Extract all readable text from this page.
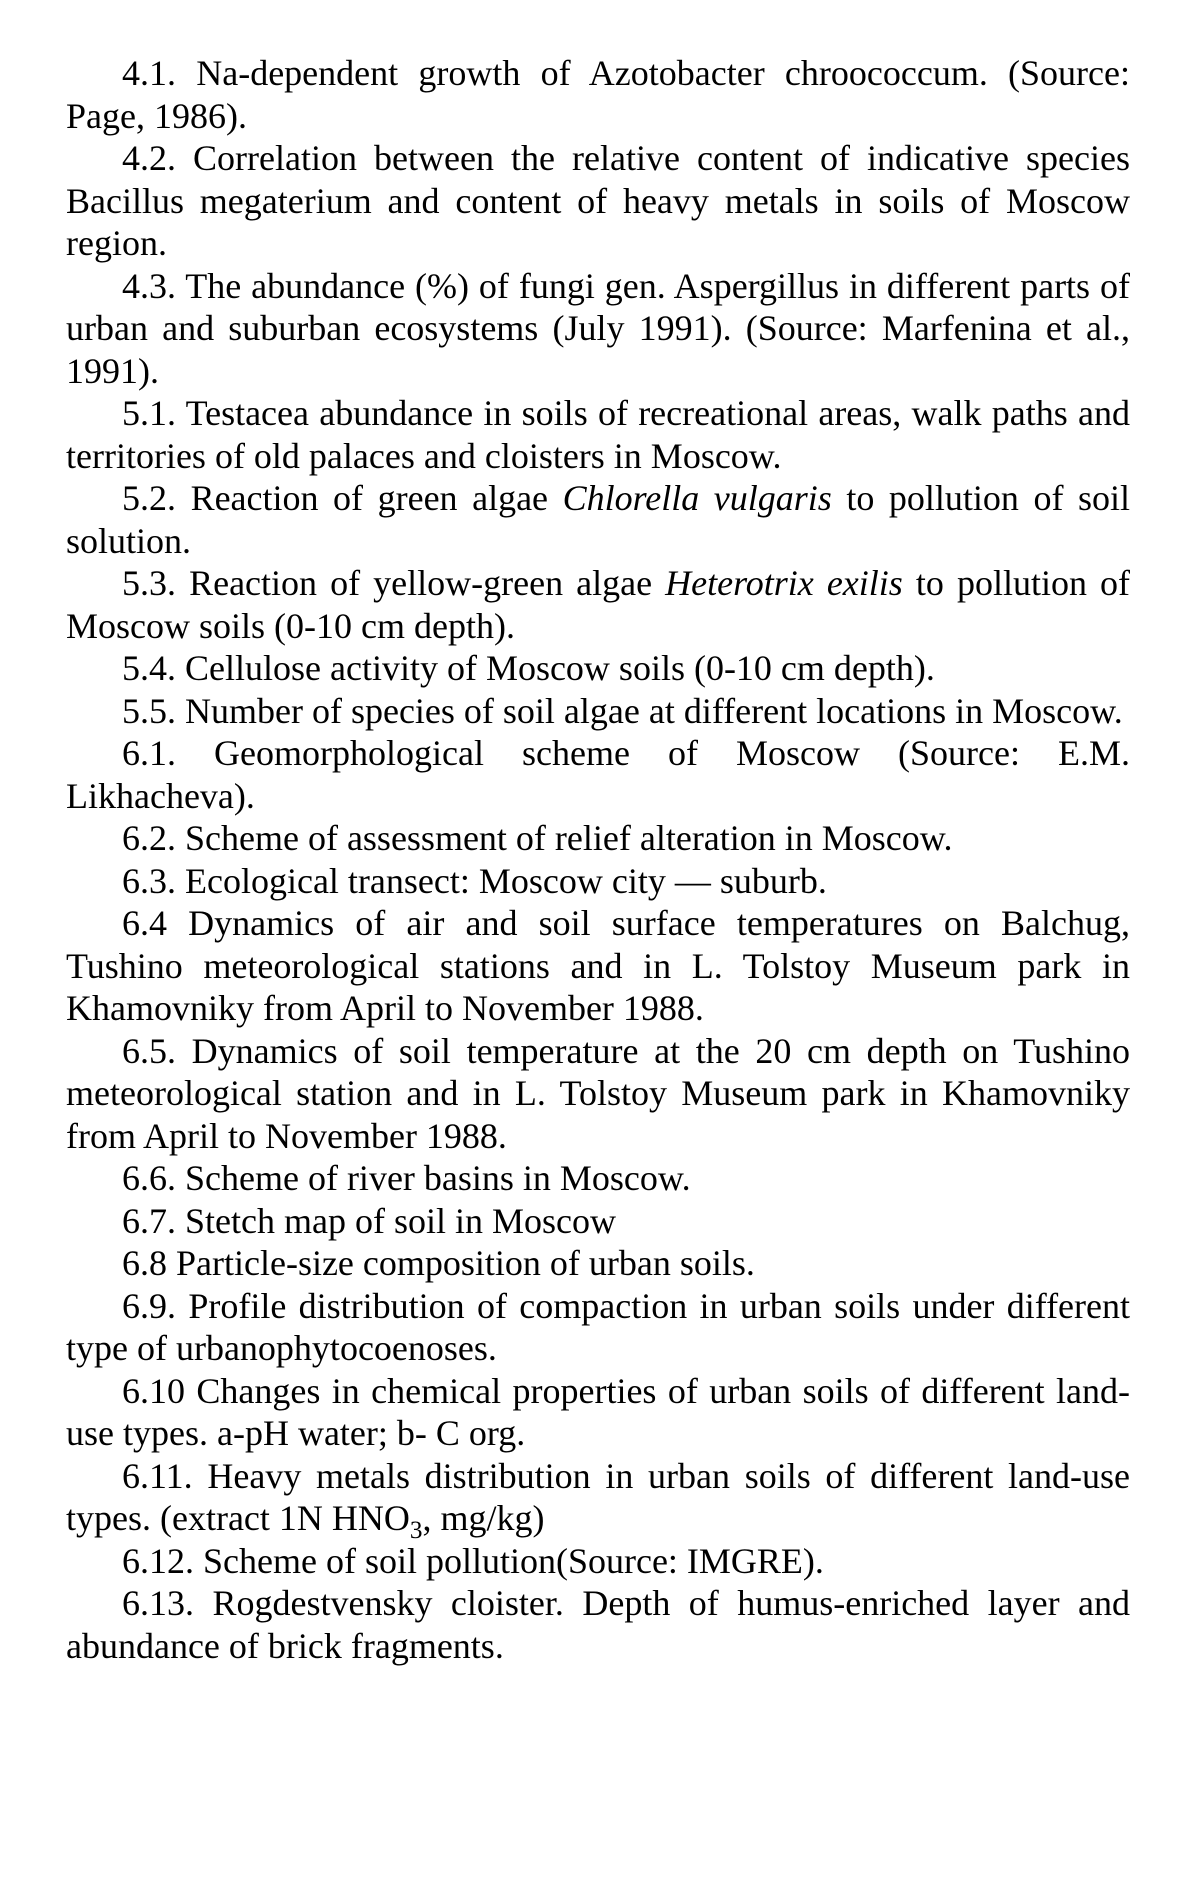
4.1. Na-dependent growth of Azotobacter chroococcum. (Source: Page, 1986).

4.2. Correlation between the relative content of indicative species Bacillus megaterium and content of heavy metals in soils of Moscow region.

4.3. The abundance (%) of fungi gen. Aspergillus in different parts of urban and suburban ecosystems (July 1991). (Source: Marfenina et al., 1991).

5.1. Testacea abundance in soils of recreational areas, walk paths and territories of old palaces and cloisters in Moscow.

5.2. Reaction of green algae Chlorella vulgaris to pollution of soil solution.

5.3. Reaction of yellow-green algae Heterotrix exilis to pollution of Moscow soils (0-10 cm depth).

5.4. Cellulose activity of Moscow soils (0-10 cm depth).

5.5. Number of species of soil algae at different locations in Moscow.

6.1. Geomorphological scheme of Moscow (Source: E.M. Likhacheva).

6.2. Scheme of assessment of relief alteration in Moscow.

6.3. Ecological transect: Moscow city — suburb.

6.4 Dynamics of air and soil surface temperatures on Balchug, Tushino meteorological stations and in L. Tolstoy Museum park in Khamovniky from April to November 1988.

6.5. Dynamics of soil temperature at the 20 cm depth on Tushino meteorological station and in L. Tolstoy Museum park in Khamovniky from April to November 1988.

6.6. Scheme of river basins in Moscow.

6.7. Stetch map of soil in Moscow

6.8 Particle-size composition of urban soils.

6.9. Profile distribution of compaction in urban soils under different type of urbanophytocoenoses.

6.10 Changes in chemical properties of urban soils of different land-use types. a-pH water; b- C org.

6.11. Heavy metals distribution in urban soils of different land-use types. (extract 1N $HNO_3$, mg/kg)

6.12. Scheme of soil pollution(Source: IMGRE).

6.13. Rogdestvensky cloister. Depth of humus-enriched layer and abundance of brick fragments.
